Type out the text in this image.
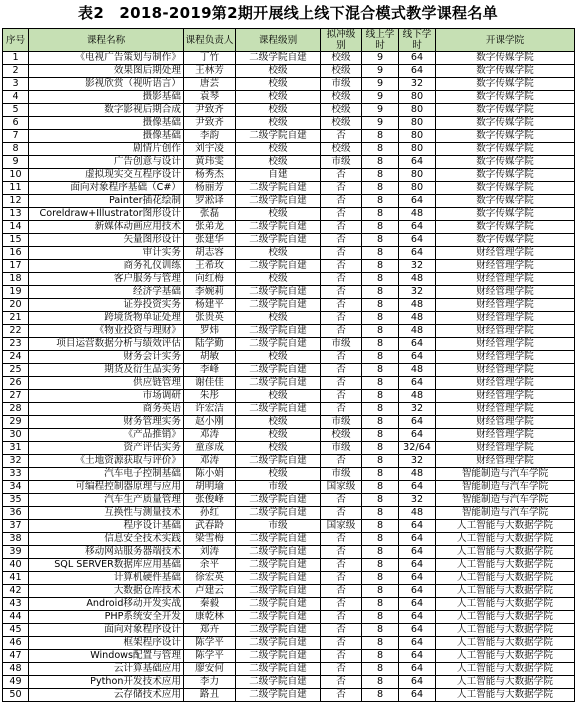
表2　2018-2019第2期开展线上线下混合模式教学课程名单
序号	课程名称	课程负责人	课程级别	拟冲级别	线上学时	线下学时	开课学院
1	《电视广告策划与制作》	丁竹	二级学院自建	校级	9	64	数字传媒学院
2	效果图后期处理	王林芳	校级	校级	9	64	数字传媒学院
3	影视欣赏（视听语言）	唐芸	校级	市级	9	32	数字传媒学院
4	摄影基础	袁琴	校级	校级	9	80	数字传媒学院
5	数字影视后期合成	尹致齐	校级	校级	9	80	数字传媒学院
6	摄像基础	尹致齐	校级	校级	9	80	数字传媒学院
7	摄像基础	李韵	二级学院自建	否	8	80	数字传媒学院
8	剧情片创作	刘宇凌	校级	校级	8	80	数字传媒学院
9	广告创意与设计	黄玮雯	校级	市级	8	64	数字传媒学院
10	虚拟现实交互程序设计	杨秀杰	自建	否	8	80	数字传媒学院
11	面向对象程序基础（C#）	杨丽芳	二级学院自建	否	8	80	数字传媒学院
12	Painter插花绘制	罗淞译	二级学院自建	否	8	64	数字传媒学院
13	Coreldraw+Illustrator图形设计	张磊	校级	否	8	48	数字传媒学院
14	新媒体动画应用技术	张弟龙	二级学院自建	否	8	64	数字传媒学院
15	矢量图形设计	张建华	二级学院自建	否	8	64	数字传媒学院
16	审计实务	胡志容	校级	否	8	64	财经管理学院
17	商务礼仪训练	王希玫	二级学院自建	否	8	32	财经管理学院
18	客户服务与管理	向红梅	校级	否	8	48	财经管理学院
19	经济学基础	李婉莉	二级学院自建	否	8	32	财经管理学院
20	证券投资实务	杨建平	二级学院自建	否	8	48	财经管理学院
21	跨境货物单证处理	张贵英	校级	否	8	48	财经管理学院
22	《物业投资与理财》	罗炜	二级学院自建	否	8	48	财经管理学院
23	项目运营数据分析与绩效评估	陆学勤	二级学院自建	市级	8	64	财经管理学院
24	财务会计实务	胡敏	校级	否	8	64	财经管理学院
25	期货及衍生品实务	李峰	二级学院自建	否	8	48	财经管理学院
26	供应链管理	谢佳佳	二级学院自建	否	8	64	财经管理学院
27	市场调研	朱彤	校级	否	8	48	财经管理学院
28	商务英语	许宏洁	二级学院自建	否	8	32	财经管理学院
29	财务管理实务	赵小刚	校级	市级	8	64	财经管理学院
30	《产品推销》	邓涛	校级	校级	8	64	财经管理学院
31	资产评估实务	童彦成	校级	市级	8	32/64	财经管理学院
32	《土地资源获取与评价》	邓涛	二级学院自建	否	8	32	财经管理学院
33	汽车电子控制基础	陈小娟	校级	市级	8	48	智能制造与汽车学院
34	可编程控制器原理与应用	胡明瑜	市级	国家级	8	64	智能制造与汽车学院
35	汽车生产质量管理	张俊峰	二级学院自建	否	8	32	智能制造与汽车学院
36	互换性与测量技术	孙红	二级学院自建	否	8	48	智能制造与汽车学院
37	程序设计基础	武春龄	市级	国家级	8	64	人工智能与大数据学院
38	信息安全技术实践	梁雪梅	二级学院自建	否	8	64	人工智能与大数据学院
39	移动网站服务器端技术	刘涛	二级学院自建	否	8	64	人工智能与大数据学院
40	SQL SERVER数据库应用基础	余平	二级学院自建	否	8	64	人工智能与大数据学院
41	计算机硬件基础	徐宏英	二级学院自建	否	8	64	人工智能与大数据学院
42	大数据仓库技术	卢建云	二级学院自建	否	8	64	人工智能与大数据学院
43	Android移动开发实战	秦毅	二级学院自建	否	8	64	人工智能与大数据学院
44	PHP系统安全开发	康乾林	二级学院自建	否	8	64	人工智能与大数据学院
45	面向对象程序设计	郑卉	二级学院自建	否	8	64	人工智能与大数据学院
46	框架程序设计	陈学平	二级学院自建	否	8	64	人工智能与大数据学院
47	Windows配置与管理	陈学平	二级学院自建	否	8	64	人工智能与大数据学院
48	云计算基础应用	廖安何	二级学院自建	否	8	64	人工智能与大数据学院
49	Python开发技术应用	李力	二级学院自建	否	8	64	人工智能与大数据学院
50	云存储技术应用	路丑	二级学院自建	否	8	64	人工智能与大数据学院
